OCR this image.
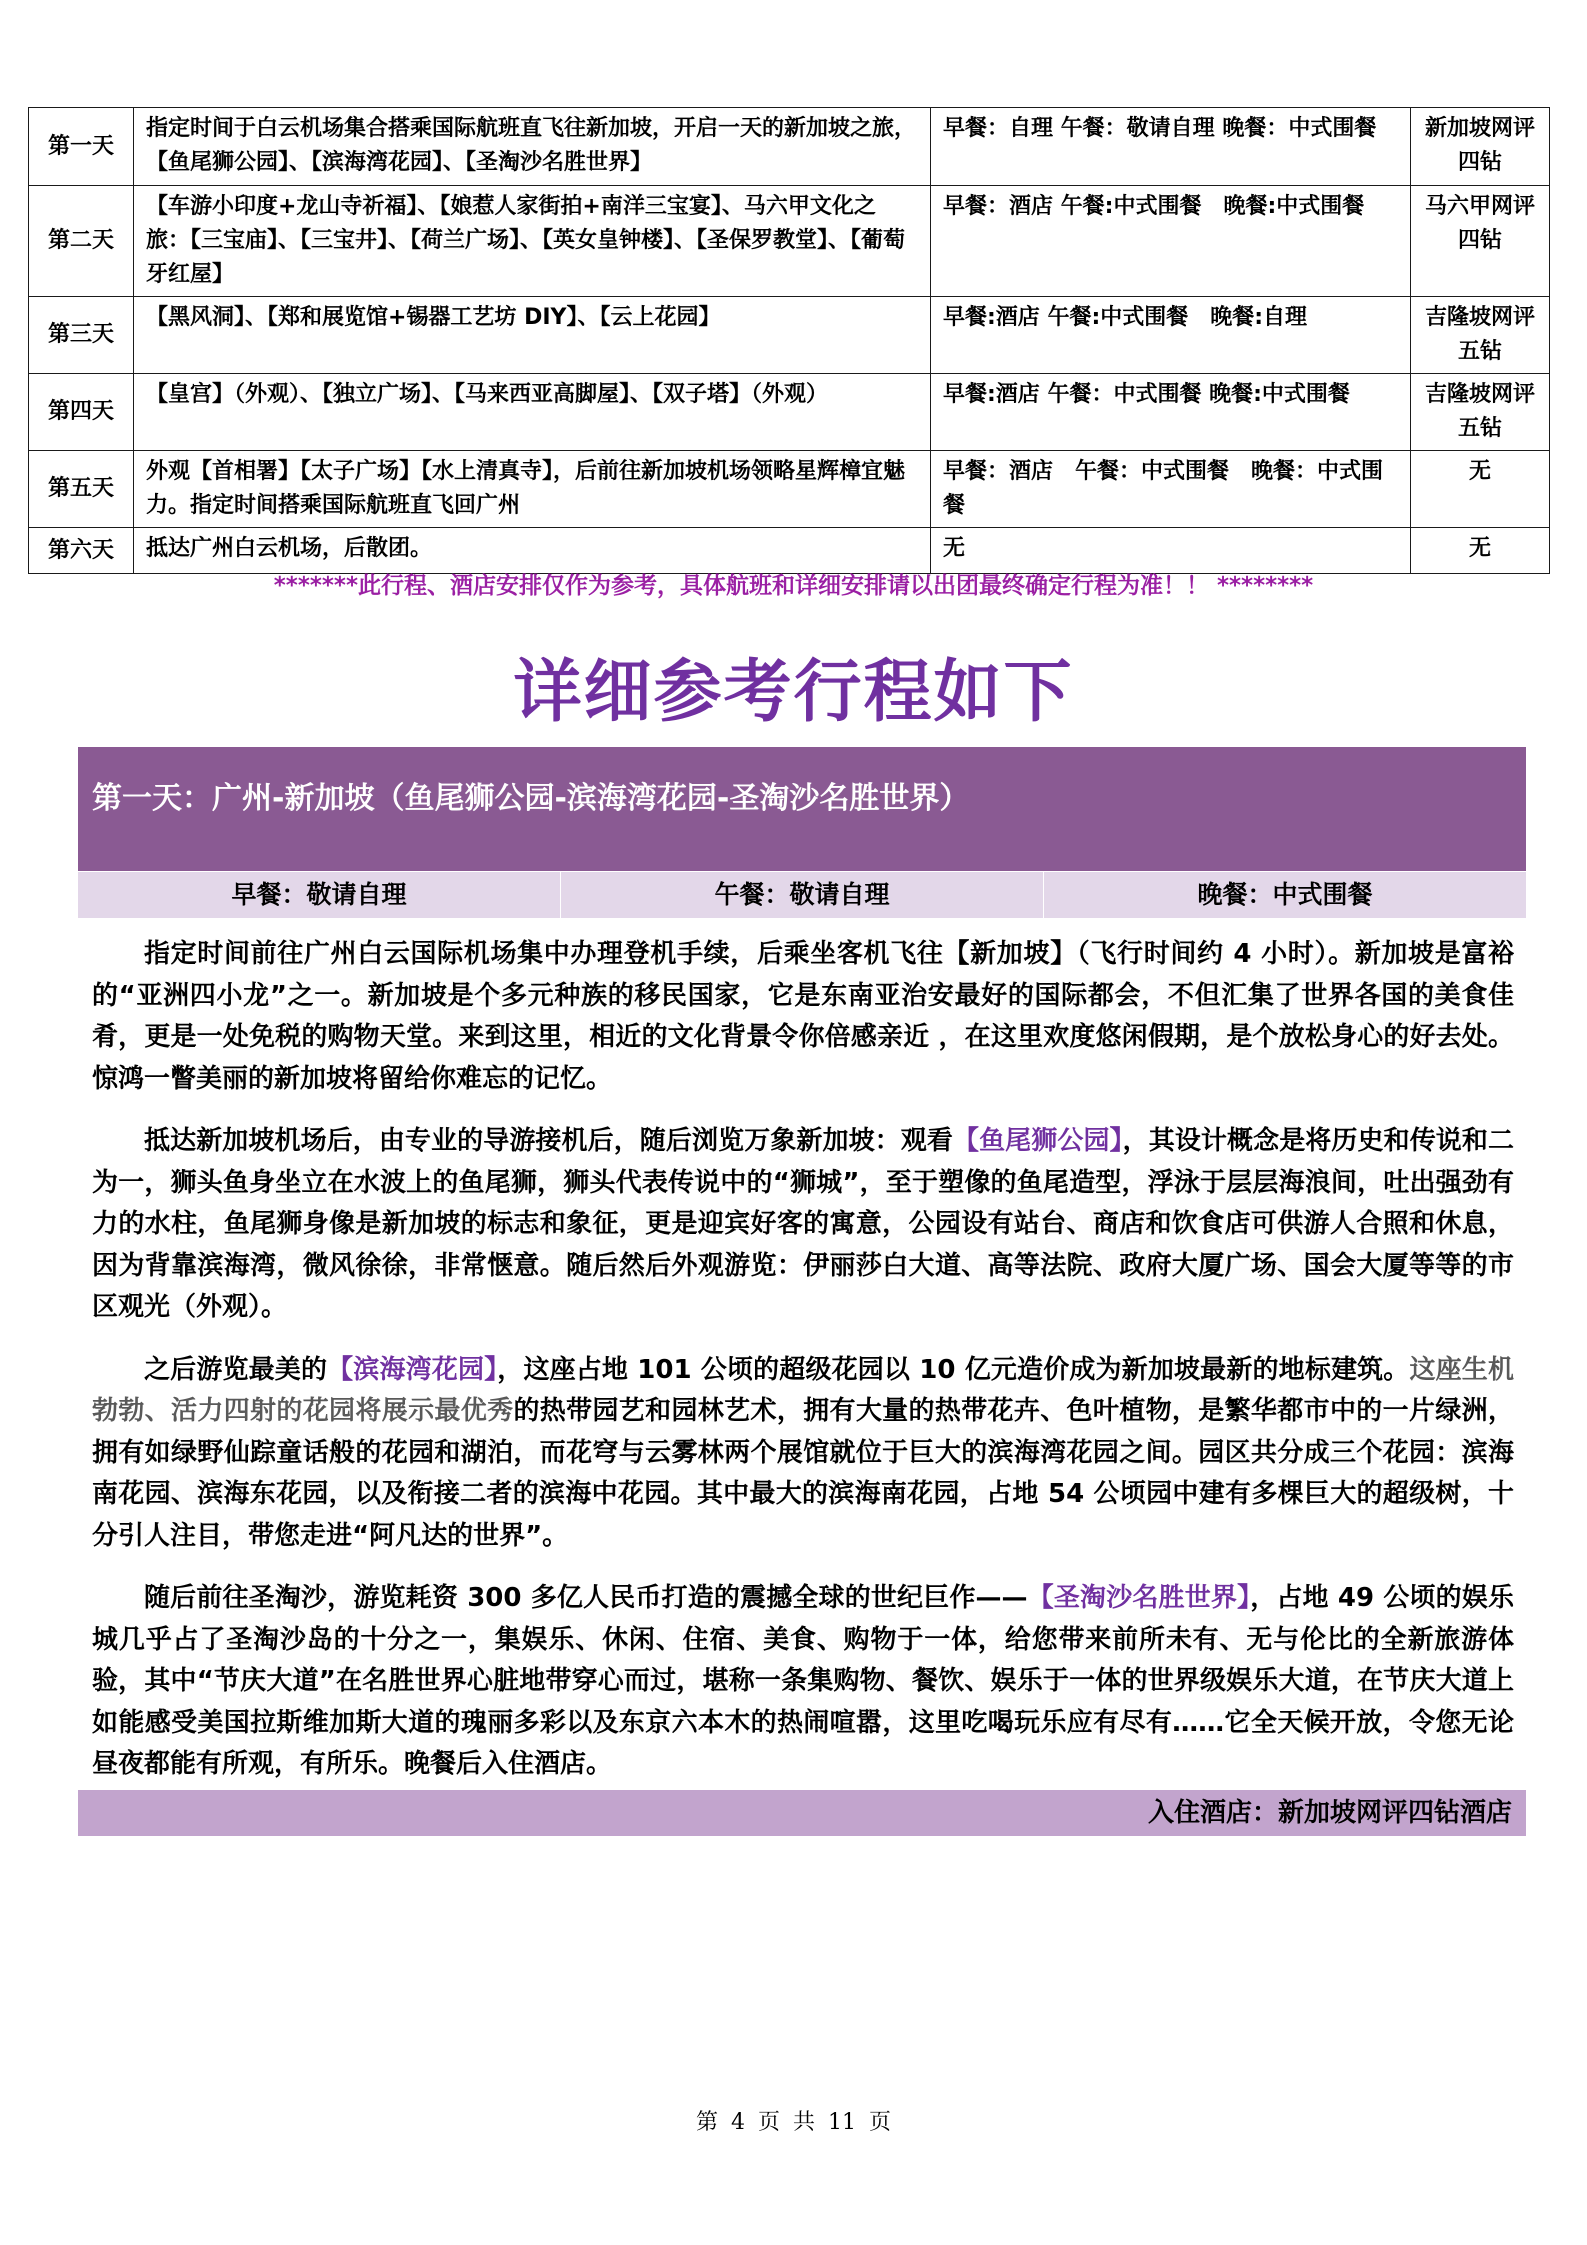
第一天	指定时间于白云机场集合搭乘国际航班直飞往新加坡，开启一天的新加坡之旅，【鱼尾狮公园】、【滨海湾花园】、【圣淘沙名胜世界】	早餐：自理 午餐：敬请自理 晚餐：中式围餐	新加坡网评四钻
第二天	【车游小印度+龙山寺祈福】、【娘惹人家街拍+南洋三宝宴】、马六甲文化之旅：【三宝庙】、【三宝井】、【荷兰广场】、【英女皇钟楼】、【圣保罗教堂】、【葡萄牙红屋】	早餐：酒店 午餐:中式围餐　晚餐:中式围餐	马六甲网评四钻
第三天	【黑风洞】、【郑和展览馆+锡器工艺坊 DIY】、【云上花园】	早餐:酒店 午餐:中式围餐　晚餐:自理	吉隆坡网评五钻
第四天	【皇宫】（外观）、【独立广场】、【马来西亚高脚屋】、【双子塔】（外观）	早餐:酒店 午餐：中式围餐 晚餐:中式围餐	吉隆坡网评五钻
第五天	外观【首相署】【太子广场】【水上清真寺】，后前往新加坡机场领略星辉樟宜魅力。指定时间搭乘国际航班直飞回广州	早餐：酒店　午餐：中式围餐　晚餐：中式围餐	无
第六天	抵达广州白云机场，后散团。	无	无
*******此行程、酒店安排仅作为参考，具体航班和详细安排请以出团最终确定行程为准！！ ********
详细参考行程如下
第一天：广州-新加坡（鱼尾狮公园-滨海湾花园-圣淘沙名胜世界）
早餐：敬请自理	午餐：敬请自理	晚餐：中式围餐

指定时间前往广州白云国际机场集中办理登机手续，后乘坐客机飞往【新加坡】（飞行时间约 4 小时）。新加坡是富裕的“亚洲四小龙”之一。新加坡是个多元种族的移民国家，它是东南亚治安最好的国际都会，不但汇集了世界各国的美食佳肴，更是一处免税的购物天堂。来到这里，相近的文化背景令你倍感亲近 ，在这里欢度悠闲假期，是个放松身心的好去处。惊鸿一瞥美丽的新加坡将留给你难忘的记忆。

抵达新加坡机场后，由专业的导游接机后，随后浏览万象新加坡：观看【鱼尾狮公园】，其设计概念是将历史和传说和二为一，狮头鱼身坐立在水波上的鱼尾狮，狮头代表传说中的“狮城”，至于塑像的鱼尾造型，浮泳于层层海浪间，吐出强劲有力的水柱，鱼尾狮身像是新加坡的标志和象征，更是迎宾好客的寓意，公园设有站台、商店和饮食店可供游人合照和休息，因为背靠滨海湾，微风徐徐，非常惬意。随后然后外观游览：伊丽莎白大道、高等法院、政府大厦广场、国会大厦等等的市区观光（外观）。

之后游览最美的【滨海湾花园】，这座占地 101 公顷的超级花园以 10 亿元造价成为新加坡最新的地标建筑。这座生机勃勃、活力四射的花园将展示最优秀的热带园艺和园林艺术，拥有大量的热带花卉、色叶植物，是繁华都市中的一片绿洲，拥有如绿野仙踪童话般的花园和湖泊，而花穹与云雾林两个展馆就位于巨大的滨海湾花园之间。园区共分成三个花园：滨海南花园、滨海东花园，以及衔接二者的滨海中花园。其中最大的滨海南花园，占地 54 公顷园中建有多棵巨大的超级树，十分引人注目，带您走进“阿凡达的世界”。

随后前往圣淘沙，游览耗资 300 多亿人民币打造的震撼全球的世纪巨作——【圣淘沙名胜世界】，占地 49 公顷的娱乐城几乎占了圣淘沙岛的十分之一，集娱乐、休闲、住宿、美食、购物于一体，给您带来前所未有、无与伦比的全新旅游体验，其中“节庆大道”在名胜世界心脏地带穿心而过，堪称一条集购物、餐饮、娱乐于一体的世界级娱乐大道，在节庆大道上如能感受美国拉斯维加斯大道的瑰丽多彩以及东京六本木的热闹喧嚣，这里吃喝玩乐应有尽有……它全天候开放，令您无论昼夜都能有所观，有所乐。晚餐后入住酒店。

入住酒店：新加坡网评四钻酒店
第 4 页 共 11 页
